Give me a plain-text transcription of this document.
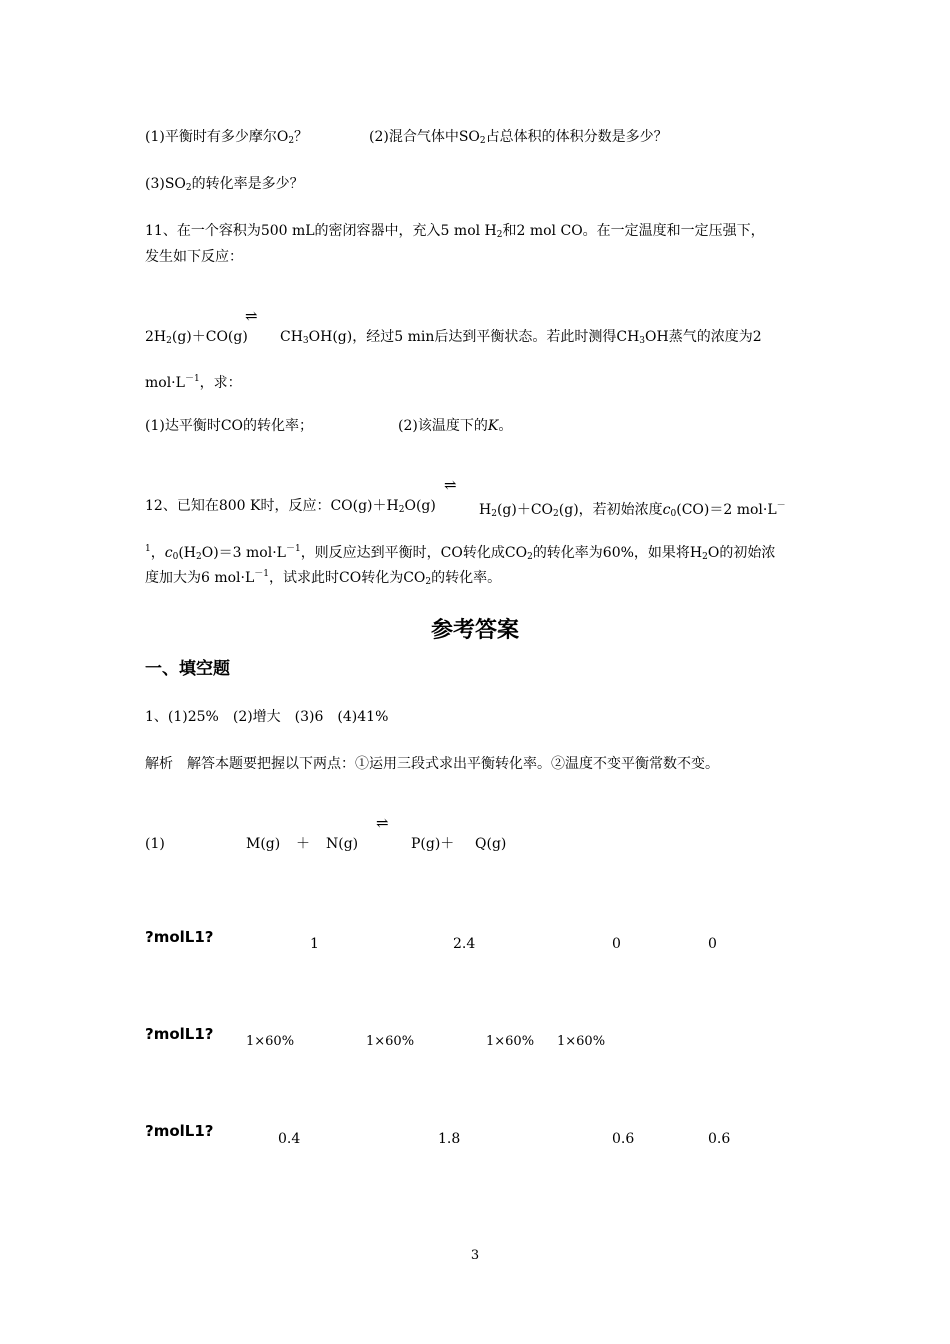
(1)平衡时有多少摩尔$O_2$？	(2)混合气体中$SO_2$占总体积的体积分数是多少？
$(3)SO_2$的转化率是多少？
11、在一个容积为500 mL的密闭容器中，充入5 mol $H_2$和2 mol CO。在一定温度和一定压强下，
发生如下反应：
$2H_2(g)+CO(g)$
⇌
$CH_3OH(g)$，经过5 min后达到平衡状态。若此时测得$CH_3OH$蒸气的浓度为2
$mol\cdot L^{-1}$，求：
(1)达平衡时CO的转化率；	(2)该温度下的K。
12、已知在800 K时，反应：$CO(g)+H_2O(g)$
⇌
$H_2(g)+CO_2(g)$，若初始浓度$c_0(CO)=2$ mol·L－
$^1$，$c_0(H_2O)=3$ $mol\cdot L^{-1}$，则反应达到平衡时，CO转化成$CO_2$的转化率为60%，如果将$H_2O$的初始浓
度加大为6 $mol\cdot L^{-1}$，试求此时CO转化为$CO_2$的转化率。
参考答案
一、填空题
1、(1)25%　(2)增大　(3)6　(4)41%
解析　解答本题要把握以下两点：①运用三段式求出平衡转化率。②温度不变平衡常数不变。
(1)	M(g) ＋ N(g)
⇌
P(g)＋ Q(g)
?molL1?	1	2.4	0	0
?molL1?	1×60%	1×60%	1×60% 1×60%
?molL1?	0.4	1.8	0.6	0.6
3
